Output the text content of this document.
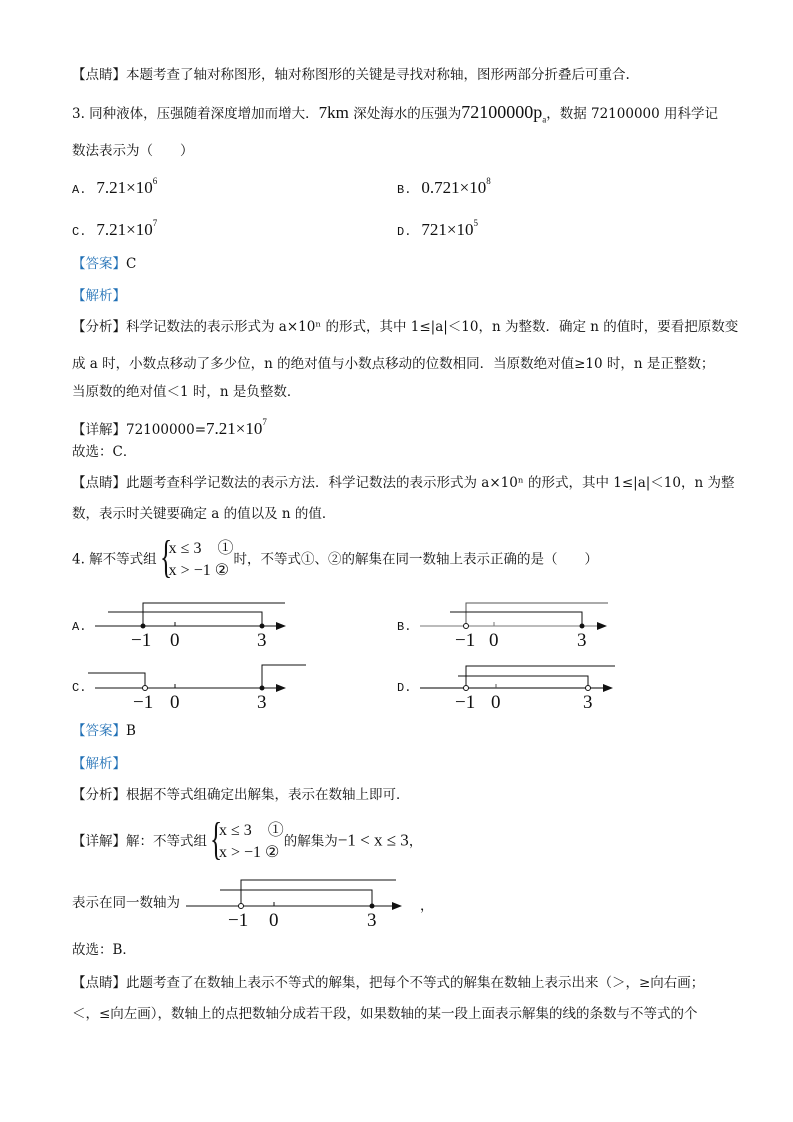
【点睛】本题考查了轴对称图形，轴对称图形的关键是寻找对称轴，图形两部分折叠后可重合.
3. 同种液体，压强随着深度增加而增大．7km 深处海水的压强为$72100000p_a$，数据 72100000 用科学记
数法表示为（　　）
A. $7.21\times 10^6$
B. $0.721\times 10^8$
C. $7.21\times 10^7$
D. $721\times 10^5$
【答案】C
【解析】
【分析】科学记数法的表示形式为 a×10ⁿ 的形式，其中 1≤|a|＜10，n 为整数．确定 n 的值时，要看把原数变
成 a 时，小数点移动了多少位，n 的绝对值与小数点移动的位数相同．当原数绝对值≥10 时，n 是正整数；
当原数的绝对值＜1 时，n 是负整数．
【详解】$72100000=7.21\times 10^7$
故选：C．
【点睛】此题考查科学记数法的表示方法．科学记数法的表示形式为 a×10ⁿ 的形式，其中 1≤|a|＜10，n 为整
数，表示时关键要确定 a 的值以及 n 的值．
4. 解不等式组
{ x ≤ 3　①
x > −1 ②
时，不等式①、②的解集在同一数轴上表示正确的是（　　）
A.
−1 0	3
B.
−1 0	3
C.
−1 0	3
D.
−1 0	3
【答案】B
【解析】
【分析】根据不等式组确定出解集，表示在数轴上即可．
【详解】解：不等式组
{ x ≤ 3　①
x > −1 ②
的解集为−1 < x ≤ 3，
表示在同一数轴为
−1 0	3
，
故选：B．
【点睛】此题考查了在数轴上表示不等式的解集，把每个不等式的解集在数轴上表示出来（＞，≥向右画；
＜，≤向左画），数轴上的点把数轴分成若干段，如果数轴的某一段上面表示解集的线的条数与不等式的个
